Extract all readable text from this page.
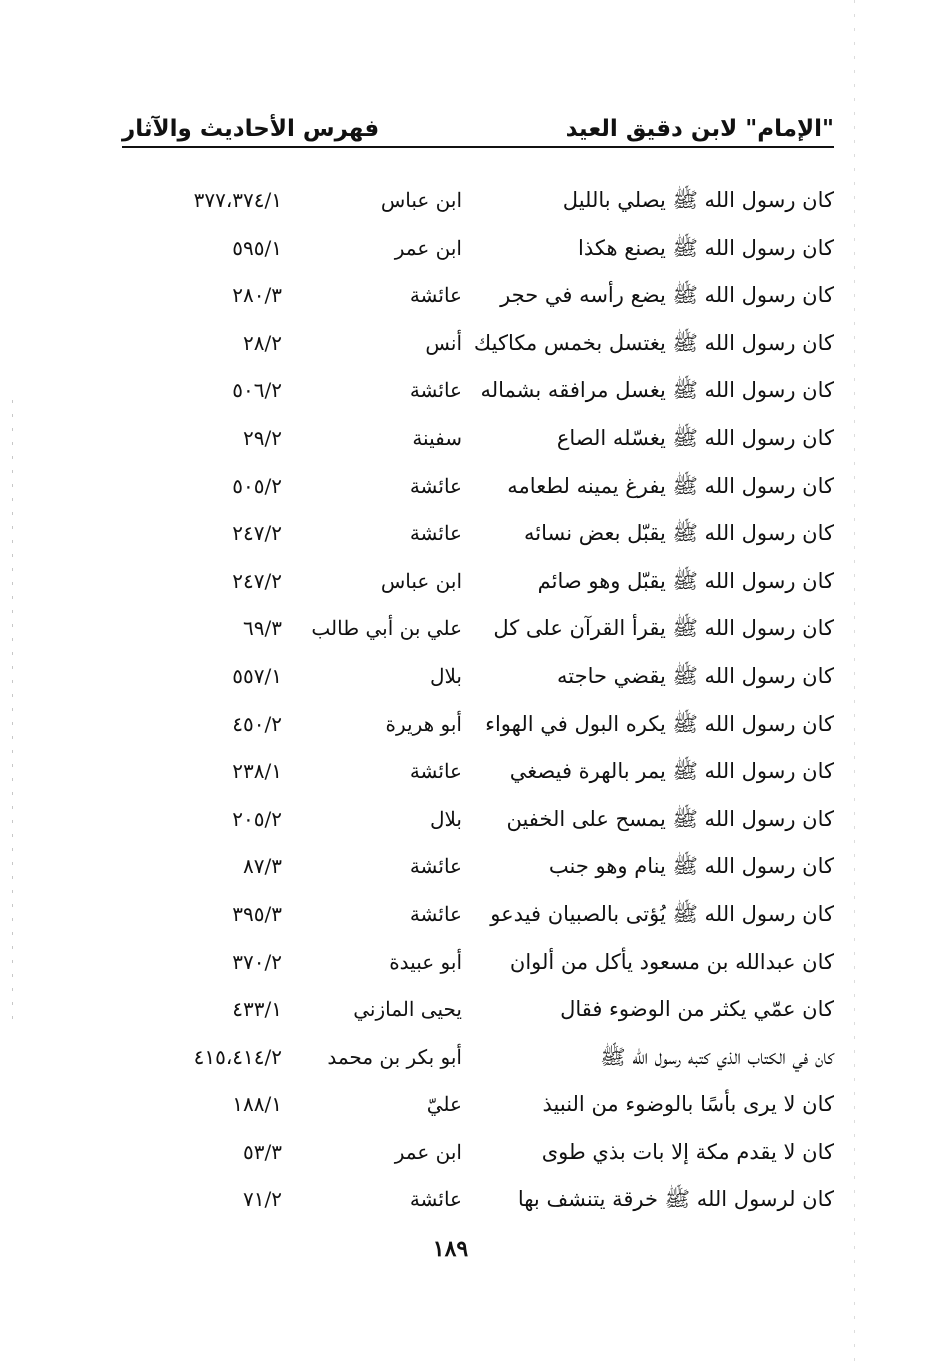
فهرس الأحاديث والآثار	"الإمام" لابن دقيق العيد
كان رسول الله ﷺ يصلي بالليل
ابن عباس
٣٧٧،٣٧٤/١
كان رسول الله ﷺ يصنع هكذا
ابن عمر
٥٩٥/١
كان رسول الله ﷺ يضع رأسه في حجر
عائشة
٢٨٠/٣
كان رسول الله ﷺ يغتسل بخمس مكاكيك
أنس
٢٨/٢
كان رسول الله ﷺ يغسل مرافقه بشماله
عائشة
٥٠٦/٢
كان رسول الله ﷺ يغسّله الصاع
سفينة
٢٩/٢
كان رسول الله ﷺ يفرغ يمينه لطعامه
عائشة
٥٠٥/٢
كان رسول الله ﷺ يقبّل بعض نسائه
عائشة
٢٤٧/٢
كان رسول الله ﷺ يقبّل وهو صائم
ابن عباس
٢٤٧/٢
كان رسول الله ﷺ يقرأ القرآن على كل
علي بن أبي طالب
٦٩/٣
كان رسول الله ﷺ يقضي حاجته
بلال
٥٥٧/١
كان رسول الله ﷺ يكره البول في الهواء
أبو هريرة
٤٥٠/٢
كان رسول الله ﷺ يمر بالهرة فيصغي
عائشة
٢٣٨/١
كان رسول الله ﷺ يمسح على الخفين
بلال
٢٠٥/٢
كان رسول الله ﷺ ينام وهو جنب
عائشة
٨٧/٣
كان رسول الله ﷺ يُؤتى بالصبيان فيدعو
عائشة
٣٩٥/٣
كان عبدالله بن مسعود يأكل من ألوان
أبو عبيدة
٣٧٠/٢
كان عمّي يكثر من الوضوء فقال
يحيى المازني
٤٣٣/١
كان في الكتاب الذي كتبه رسول الله ﷺ
أبو بكر بن محمد
٤١٥،٤١٤/٢
كان لا يرى بأسًا بالوضوء من النبيذ
عليّ
١٨٨/١
كان لا يقدم مكة إلا بات بذي طوى
ابن عمر
٥٣/٣
كان لرسول الله ﷺ خرقة يتنشف بها
عائشة
٧١/٢
١٨٩
